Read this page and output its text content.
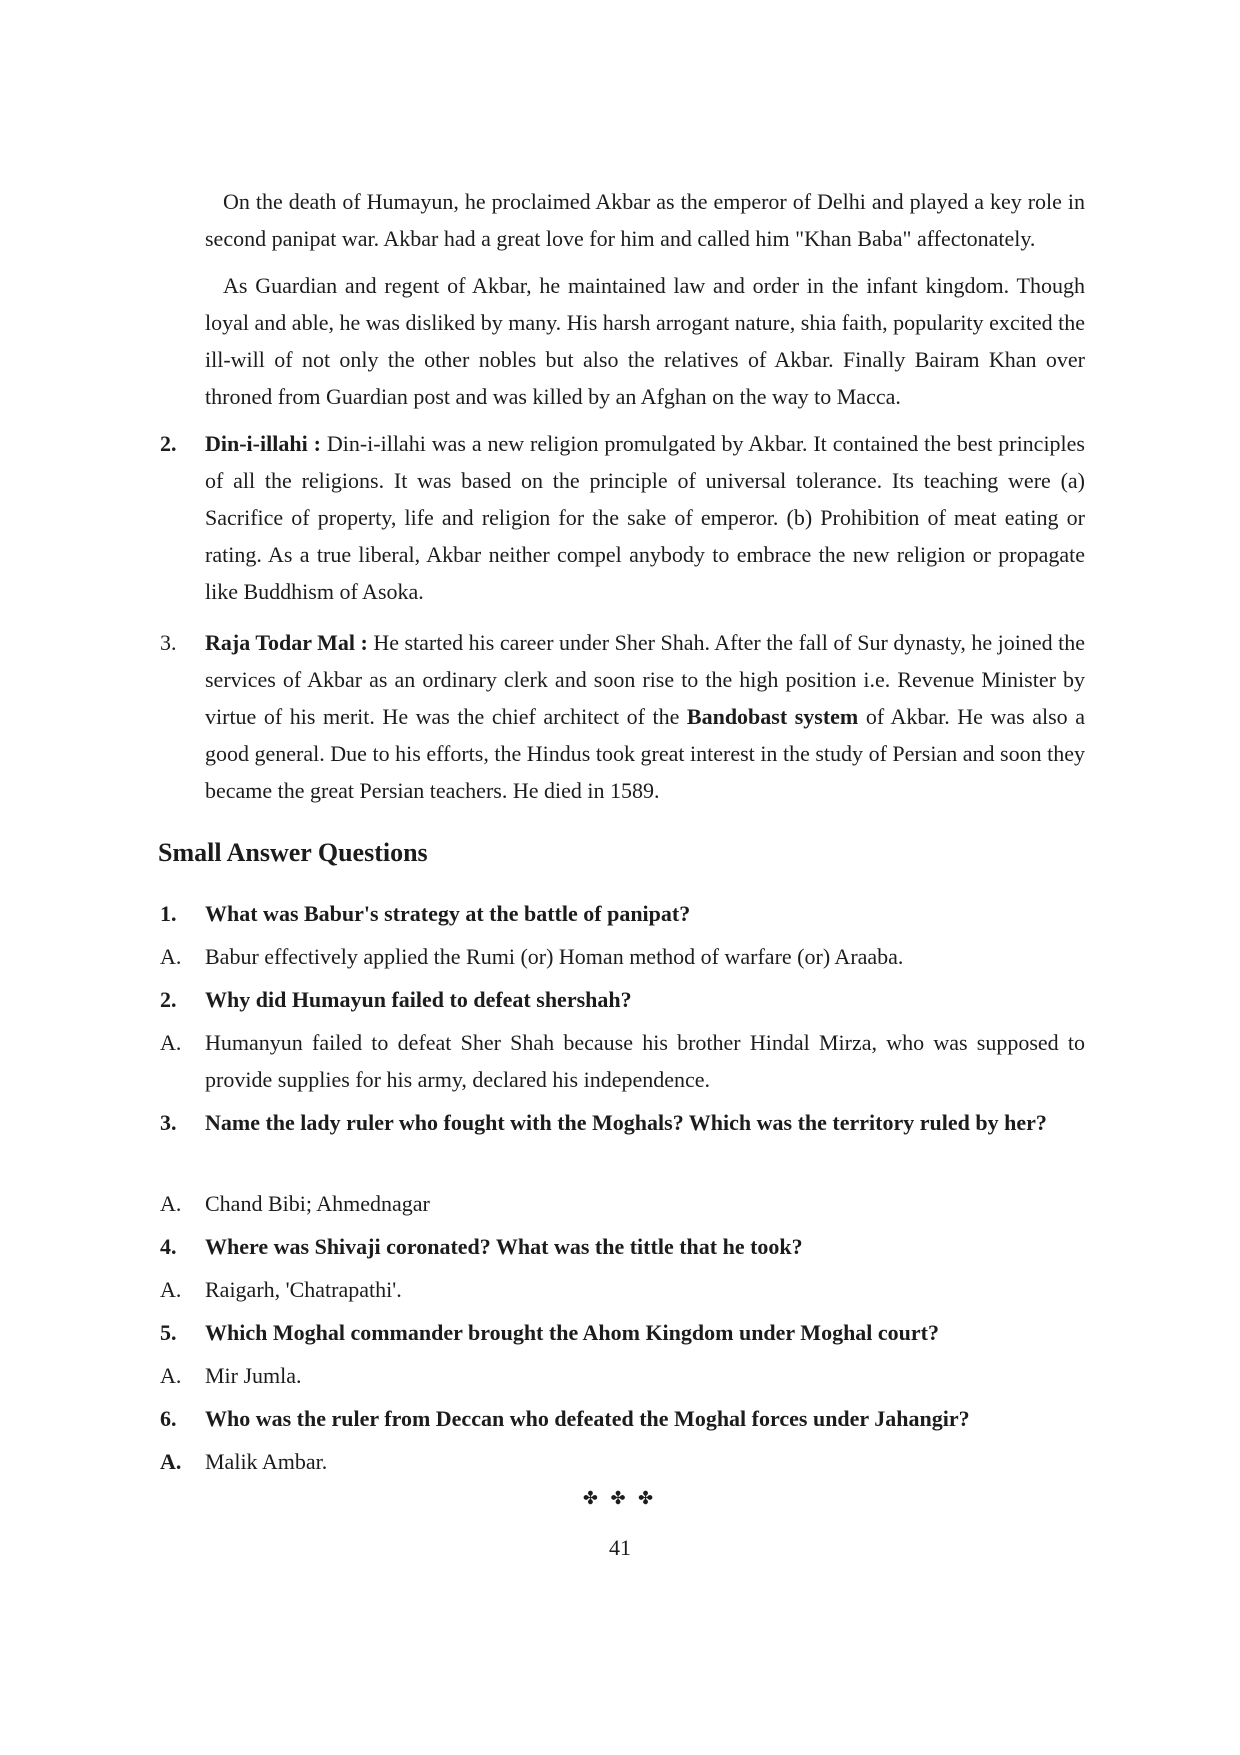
On the death of Humayun, he proclaimed Akbar as the emperor of Delhi and played a key role in second panipat war. Akbar had a great love for him and called him "Khan Baba" affectonately.

As Guardian and regent of Akbar, he maintained law and order in the infant kingdom. Though loyal and able, he was disliked by many. His harsh arrogant nature, shia faith, popularity excited the ill-will of not only the other nobles but also the relatives of Akbar. Finally Bairam Khan over throned from Guardian post and was killed by an Afghan on the way to Macca.

2.	Din-i-illahi : Din-i-illahi was a new religion promulgated by Akbar. It contained the best principles of all the religions. It was based on the principle of universal tolerance. Its teaching were (a) Sacrifice of property, life and religion for the sake of emperor. (b) Prohibition of meat eating or rating. As a true liberal, Akbar neither compel anybody to embrace the new religion or propagate like Buddhism of Asoka.
3.	Raja Todar Mal : He started his career under Sher Shah. After the fall of Sur dynasty, he joined the services of Akbar as an ordinary clerk and soon rise to the high position i.e. Revenue Minister by virtue of his merit. He was the chief architect of the Bandobast system of Akbar. He was also a good general. Due to his efforts, the Hindus took great interest in the study of Persian and soon they became the great Persian teachers. He died in 1589.
Small Answer Questions
1.	What was Babur's strategy at the battle of panipat?
A.	Babur effectively applied the Rumi (or) Homan method of warfare (or) Araaba.
2.	Why did Humayun failed to defeat shershah?
A.	Humanyun failed to defeat Sher Shah because his brother Hindal Mirza, who was supposed to provide supplies for his army, declared his independence.
3.	Name the lady ruler who fought with the Moghals? Which was the territory ruled by her?
A.	Chand Bibi; Ahmednagar
4.	Where was Shivaji coronated? What was the tittle that he took?
A.	Raigarh, 'Chatrapathi'.
5.	Which Moghal commander brought the Ahom Kingdom under Moghal court?
A.	Mir Jumla.
6.	Who was the ruler from Deccan who defeated the Moghal forces under Jahangir?
A.	Malik Ambar.
✤ ✤ ✤
41
